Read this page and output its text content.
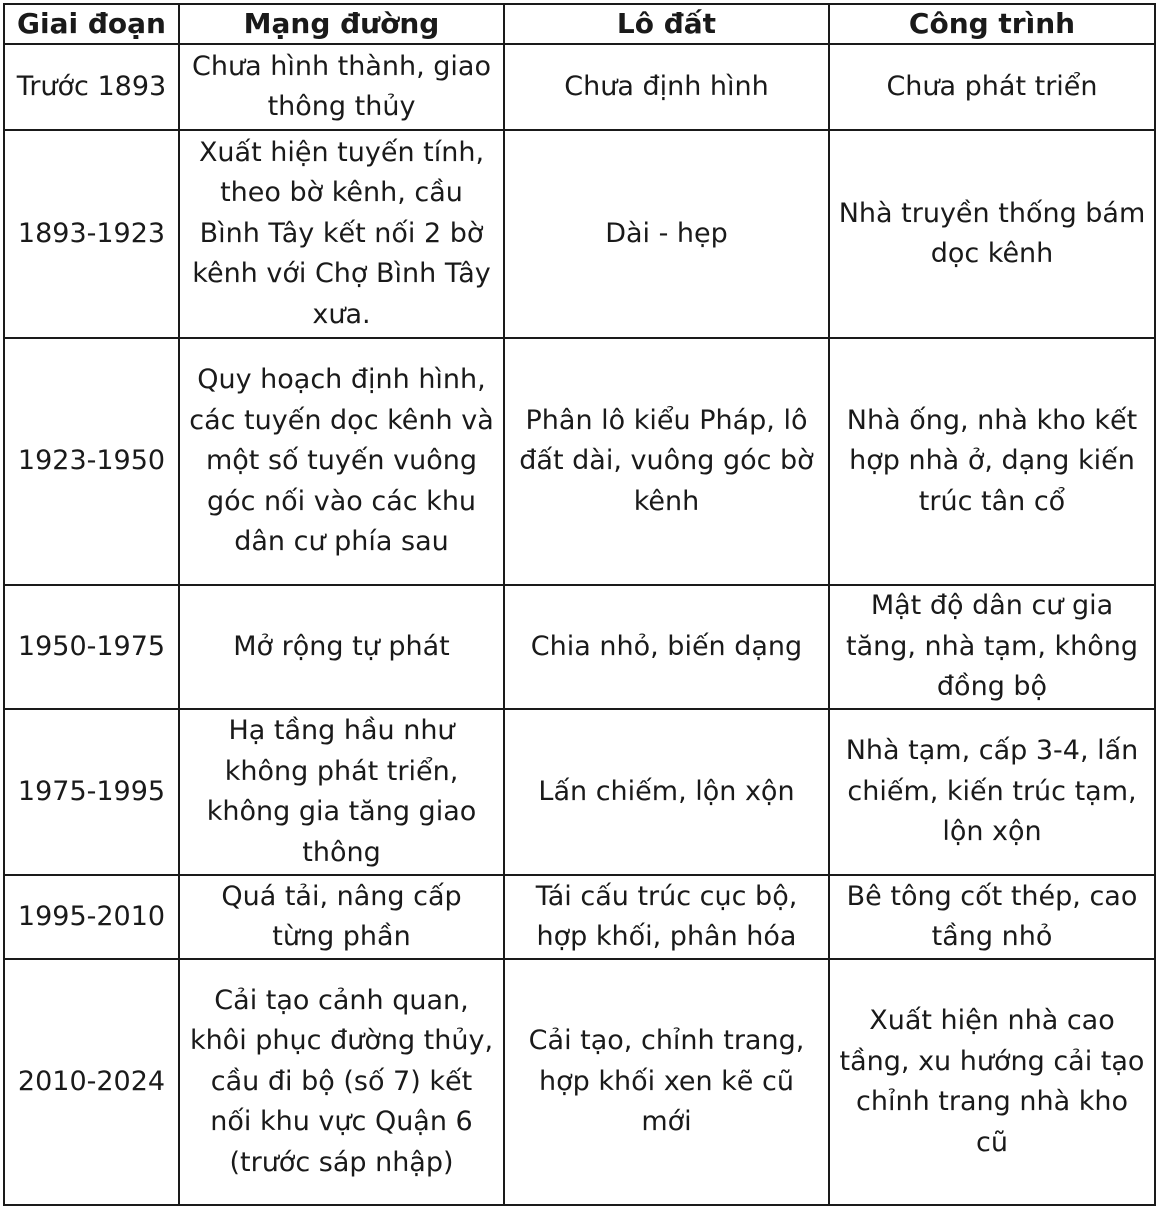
Giai đoạn	Mạng đường	Lô đất	Công trình
Trước 1893	Chưa hình thành, giao thông thủy	Chưa định hình	Chưa phát triển
1893-1923	Xuất hiện tuyến tính, theo bờ kênh, cầu Bình Tây kết nối 2 bờ kênh với Chợ Bình Tây xưa.	Dài - hẹp	Nhà truyền thống bám dọc kênh
1923-1950	Quy hoạch định hình, các tuyến dọc kênh và một số tuyến vuông góc nối vào các khu dân cư phía sau	Phân lô kiểu Pháp, lô đất dài, vuông góc bờ kênh	Nhà ống, nhà kho kết hợp nhà ở, dạng kiến trúc tân cổ
1950-1975	Mở rộng tự phát	Chia nhỏ, biến dạng	Mật độ dân cư gia tăng, nhà tạm, không đồng bộ
1975-1995	Hạ tầng hầu như không phát triển, không gia tăng giao thông	Lấn chiếm, lộn xộn	Nhà tạm, cấp 3-4, lấn chiếm, kiến trúc tạm, lộn xộn
1995-2010	Quá tải, nâng cấp từng phần	Tái cấu trúc cục bộ, hợp khối, phân hóa	Bê tông cốt thép, cao tầng nhỏ
2010-2024	Cải tạo cảnh quan, khôi phục đường thủy, cầu đi bộ (số 7) kết nối khu vực Quận 6 (trước sáp nhập)	Cải tạo, chỉnh trang, hợp khối xen kẽ cũ mới	Xuất hiện nhà cao tầng, xu hướng cải tạo chỉnh trang nhà kho cũ
